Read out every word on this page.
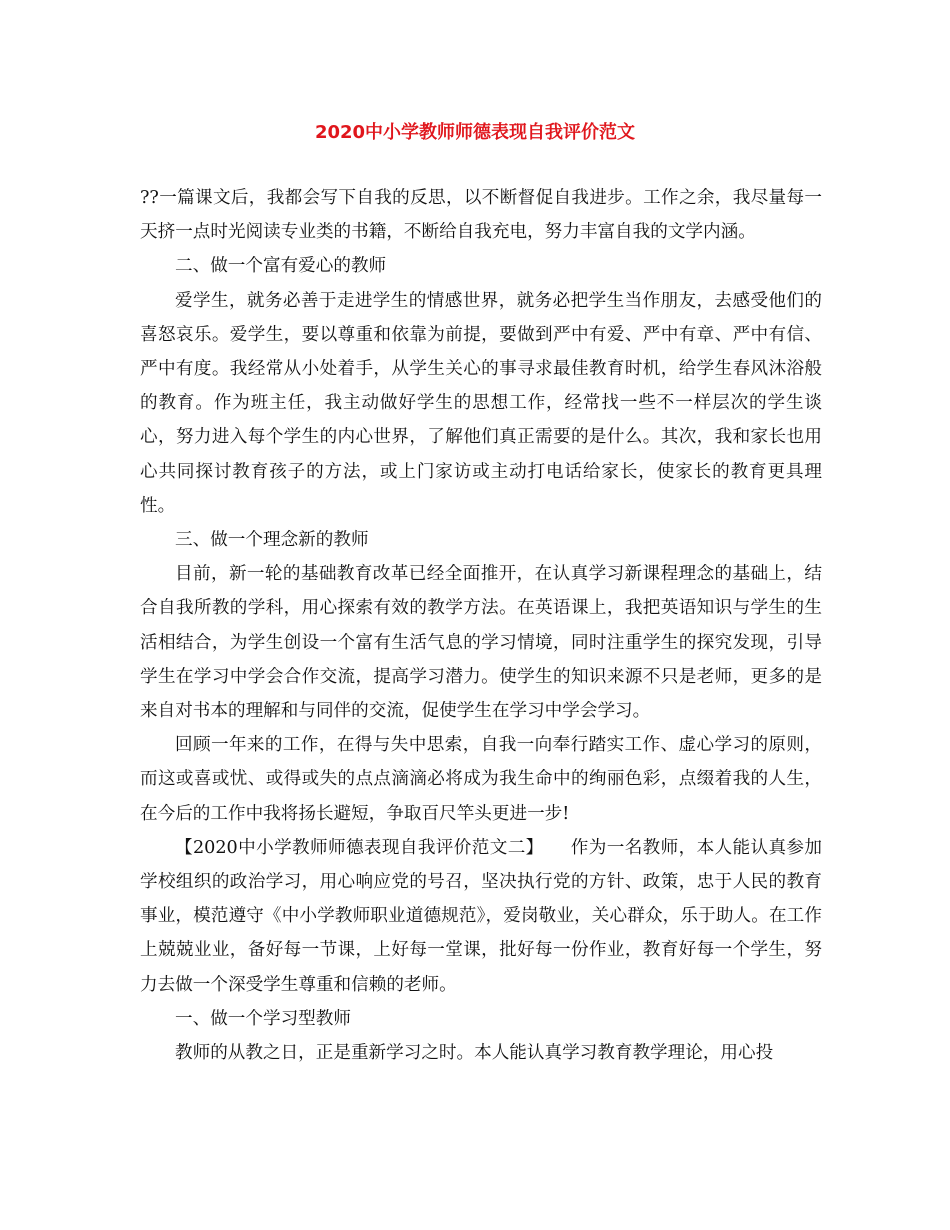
2020中小学教师师德表现自我评价范文

??一篇课文后，我都会写下自我的反思，以不断督促自我进步。工作之余，我尽量每一天挤一点时光阅读专业类的书籍，不断给自我充电，努力丰富自我的文学内涵。

二、做一个富有爱心的教师

爱学生，就务必善于走进学生的情感世界，就务必把学生当作朋友，去感受他们的喜怒哀乐。爱学生，要以尊重和依靠为前提，要做到严中有爱、严中有章、严中有信、严中有度。我经常从小处着手，从学生关心的事寻求最佳教育时机，给学生春风沐浴般的教育。作为班主任，我主动做好学生的思想工作，经常找一些不一样层次的学生谈心，努力进入每个学生的内心世界，了解他们真正需要的是什么。其次，我和家长也用心共同探讨教育孩子的方法，或上门家访或主动打电话给家长，使家长的教育更具理性。

三、做一个理念新的教师

目前，新一轮的基础教育改革已经全面推开，在认真学习新课程理念的基础上，结合自我所教的学科，用心探索有效的教学方法。在英语课上，我把英语知识与学生的生活相结合，为学生创设一个富有生活气息的学习情境，同时注重学生的探究发现，引导学生在学习中学会合作交流，提高学习潜力。使学生的知识来源不只是老师，更多的是来自对书本的理解和与同伴的交流，促使学生在学习中学会学习。

回顾一年来的工作，在得与失中思索，自我一向奉行踏实工作、虚心学习的原则，而这或喜或忧、或得或失的点点滴滴必将成为我生命中的绚丽色彩，点缀着我的人生，在今后的工作中我将扬长避短，争取百尺竿头更进一步!

【2020中小学教师师德表现自我评价范文二】　　作为一名教师，本人能认真参加学校组织的政治学习，用心响应党的号召，坚决执行党的方针、政策，忠于人民的教育事业，模范遵守《中小学教师职业道德规范》，爱岗敬业，关心群众，乐于助人。在工作上兢兢业业，备好每一节课，上好每一堂课，批好每一份作业，教育好每一个学生，努力去做一个深受学生尊重和信赖的老师。

一、做一个学习型教师

教师的从教之日，正是重新学习之时。本人能认真学习教育教学理论，用心投
